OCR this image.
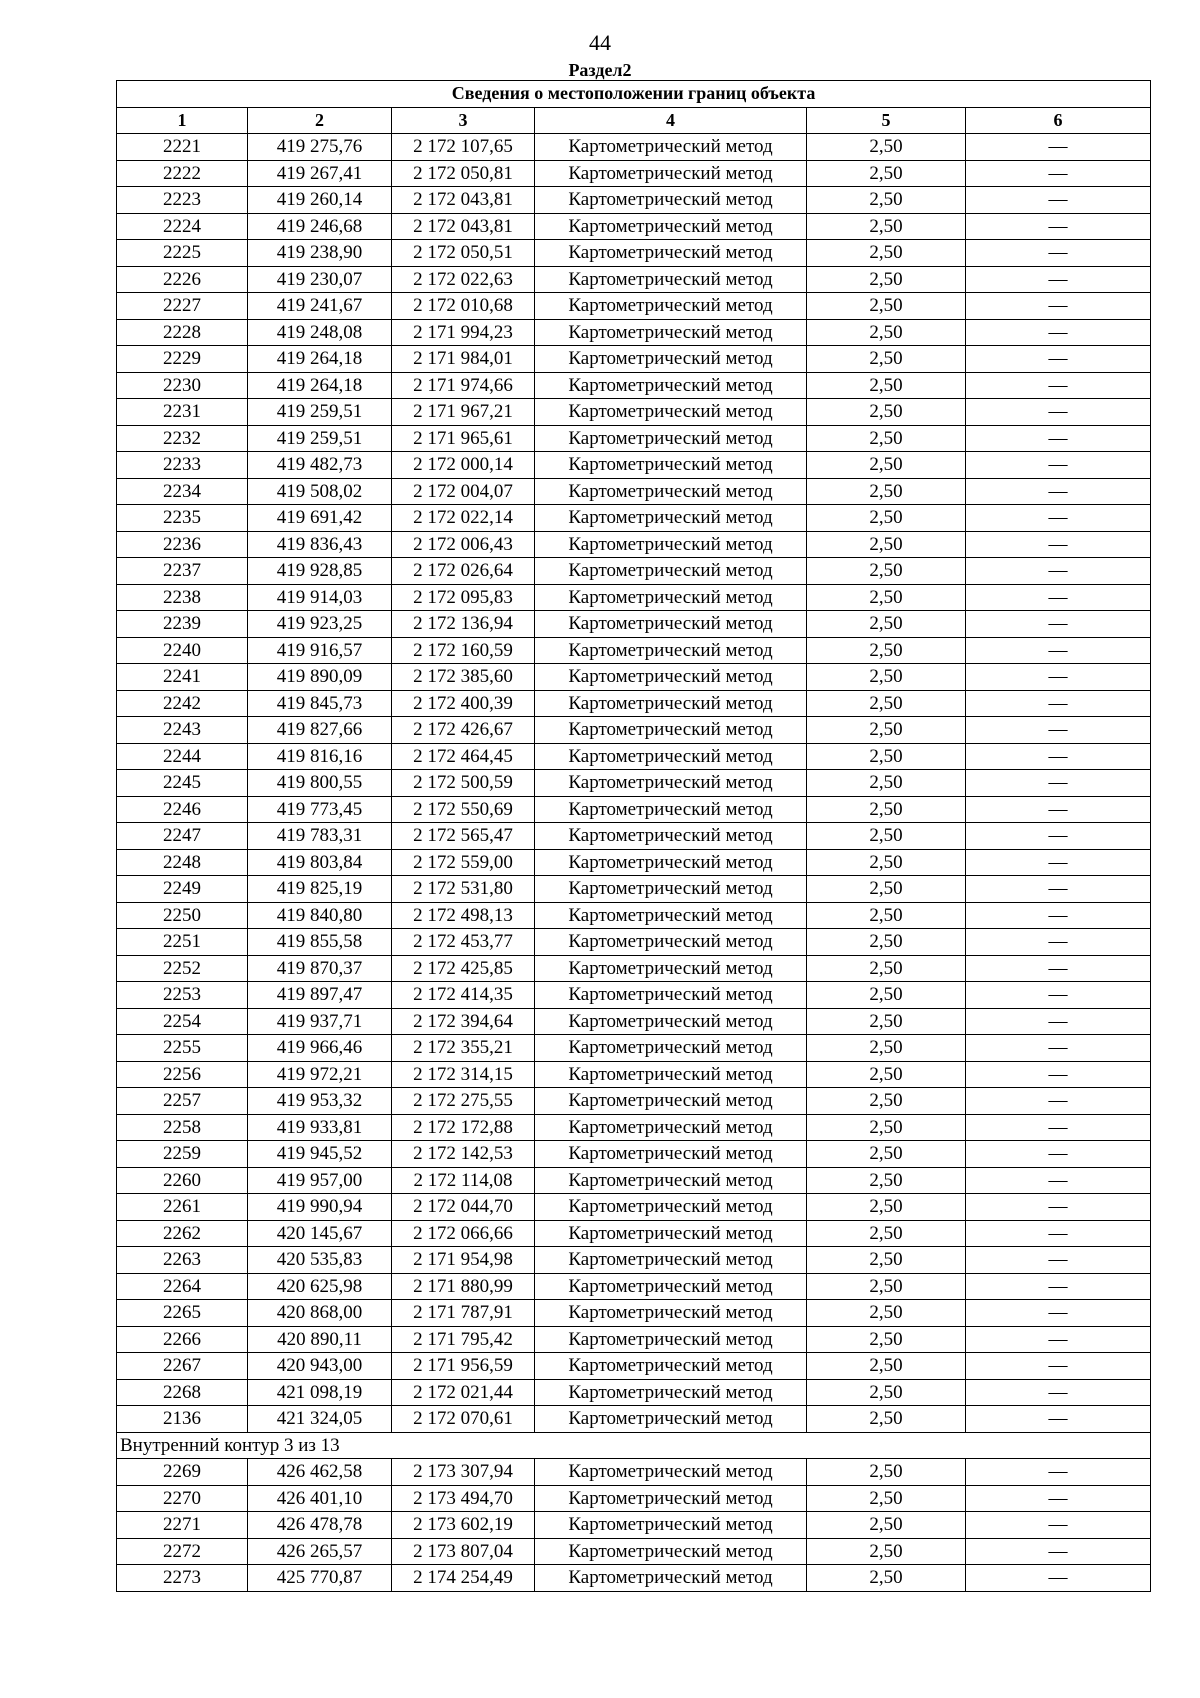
44
Раздел2
Сведения о местоположении границ объекта					
1	2	3	4	5	6
2221	419 275,76	2 172 107,65	Картометрический метод	2,50	—
2222	419 267,41	2 172 050,81	Картометрический метод	2,50	—
2223	419 260,14	2 172 043,81	Картометрический метод	2,50	—
2224	419 246,68	2 172 043,81	Картометрический метод	2,50	—
2225	419 238,90	2 172 050,51	Картометрический метод	2,50	—
2226	419 230,07	2 172 022,63	Картометрический метод	2,50	—
2227	419 241,67	2 172 010,68	Картометрический метод	2,50	—
2228	419 248,08	2 171 994,23	Картометрический метод	2,50	—
2229	419 264,18	2 171 984,01	Картометрический метод	2,50	—
2230	419 264,18	2 171 974,66	Картометрический метод	2,50	—
2231	419 259,51	2 171 967,21	Картометрический метод	2,50	—
2232	419 259,51	2 171 965,61	Картометрический метод	2,50	—
2233	419 482,73	2 172 000,14	Картометрический метод	2,50	—
2234	419 508,02	2 172 004,07	Картометрический метод	2,50	—
2235	419 691,42	2 172 022,14	Картометрический метод	2,50	—
2236	419 836,43	2 172 006,43	Картометрический метод	2,50	—
2237	419 928,85	2 172 026,64	Картометрический метод	2,50	—
2238	419 914,03	2 172 095,83	Картометрический метод	2,50	—
2239	419 923,25	2 172 136,94	Картометрический метод	2,50	—
2240	419 916,57	2 172 160,59	Картометрический метод	2,50	—
2241	419 890,09	2 172 385,60	Картометрический метод	2,50	—
2242	419 845,73	2 172 400,39	Картометрический метод	2,50	—
2243	419 827,66	2 172 426,67	Картометрический метод	2,50	—
2244	419 816,16	2 172 464,45	Картометрический метод	2,50	—
2245	419 800,55	2 172 500,59	Картометрический метод	2,50	—
2246	419 773,45	2 172 550,69	Картометрический метод	2,50	—
2247	419 783,31	2 172 565,47	Картометрический метод	2,50	—
2248	419 803,84	2 172 559,00	Картометрический метод	2,50	—
2249	419 825,19	2 172 531,80	Картометрический метод	2,50	—
2250	419 840,80	2 172 498,13	Картометрический метод	2,50	—
2251	419 855,58	2 172 453,77	Картометрический метод	2,50	—
2252	419 870,37	2 172 425,85	Картометрический метод	2,50	—
2253	419 897,47	2 172 414,35	Картометрический метод	2,50	—
2254	419 937,71	2 172 394,64	Картометрический метод	2,50	—
2255	419 966,46	2 172 355,21	Картометрический метод	2,50	—
2256	419 972,21	2 172 314,15	Картометрический метод	2,50	—
2257	419 953,32	2 172 275,55	Картометрический метод	2,50	—
2258	419 933,81	2 172 172,88	Картометрический метод	2,50	—
2259	419 945,52	2 172 142,53	Картометрический метод	2,50	—
2260	419 957,00	2 172 114,08	Картометрический метод	2,50	—
2261	419 990,94	2 172 044,70	Картометрический метод	2,50	—
2262	420 145,67	2 172 066,66	Картометрический метод	2,50	—
2263	420 535,83	2 171 954,98	Картометрический метод	2,50	—
2264	420 625,98	2 171 880,99	Картометрический метод	2,50	—
2265	420 868,00	2 171 787,91	Картометрический метод	2,50	—
2266	420 890,11	2 171 795,42	Картометрический метод	2,50	—
2267	420 943,00	2 171 956,59	Картометрический метод	2,50	—
2268	421 098,19	2 172 021,44	Картометрический метод	2,50	—
2136	421 324,05	2 172 070,61	Картометрический метод	2,50	—
Внутренний контур 3 из 13					
2269	426 462,58	2 173 307,94	Картометрический метод	2,50	—
2270	426 401,10	2 173 494,70	Картометрический метод	2,50	—
2271	426 478,78	2 173 602,19	Картометрический метод	2,50	—
2272	426 265,57	2 173 807,04	Картометрический метод	2,50	—
2273	425 770,87	2 174 254,49	Картометрический метод	2,50	—
